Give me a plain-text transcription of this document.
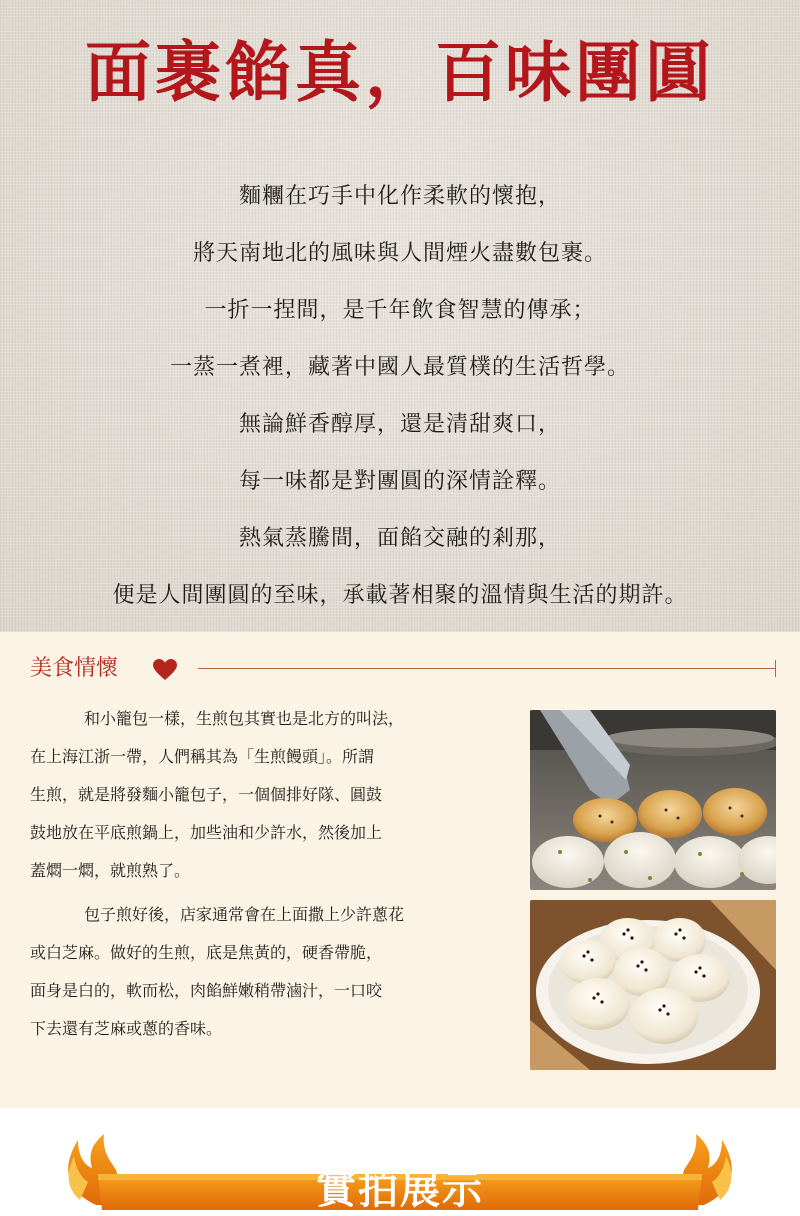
面裹餡真，百味團圓
麵糰在巧手中化作柔軟的懷抱，
將天南地北的風味與人間煙火盡數包裹。
一折一捏間，是千年飲食智慧的傳承；
一蒸一煮裡，藏著中國人最質樸的生活哲學。
無論鮮香醇厚，還是清甜爽口，
每一味都是對團圓的深情詮釋。
熱氣蒸騰間，面餡交融的剎那，
便是人間團圓的至味，承載著相聚的溫情與生活的期許。
美食情懷
和小籠包一樣，生煎包其實也是北方的叫法，
在上海江浙一帶，人們稱其為「生煎饅頭」。所謂
生煎，就是將發麵小籠包子，一個個排好隊、圓鼓
鼓地放在平底煎鍋上，加些油和少許水，然後加上
蓋燜一燜，就煎熟了。
包子煎好後，店家通常會在上面撒上少許蔥花
或白芝麻。做好的生煎，底是焦黃的，硬香帶脆，
面身是白的，軟而松，肉餡鮮嫩稍帶滷汁，一口咬
下去還有芝麻或蔥的香味。
實拍展示
